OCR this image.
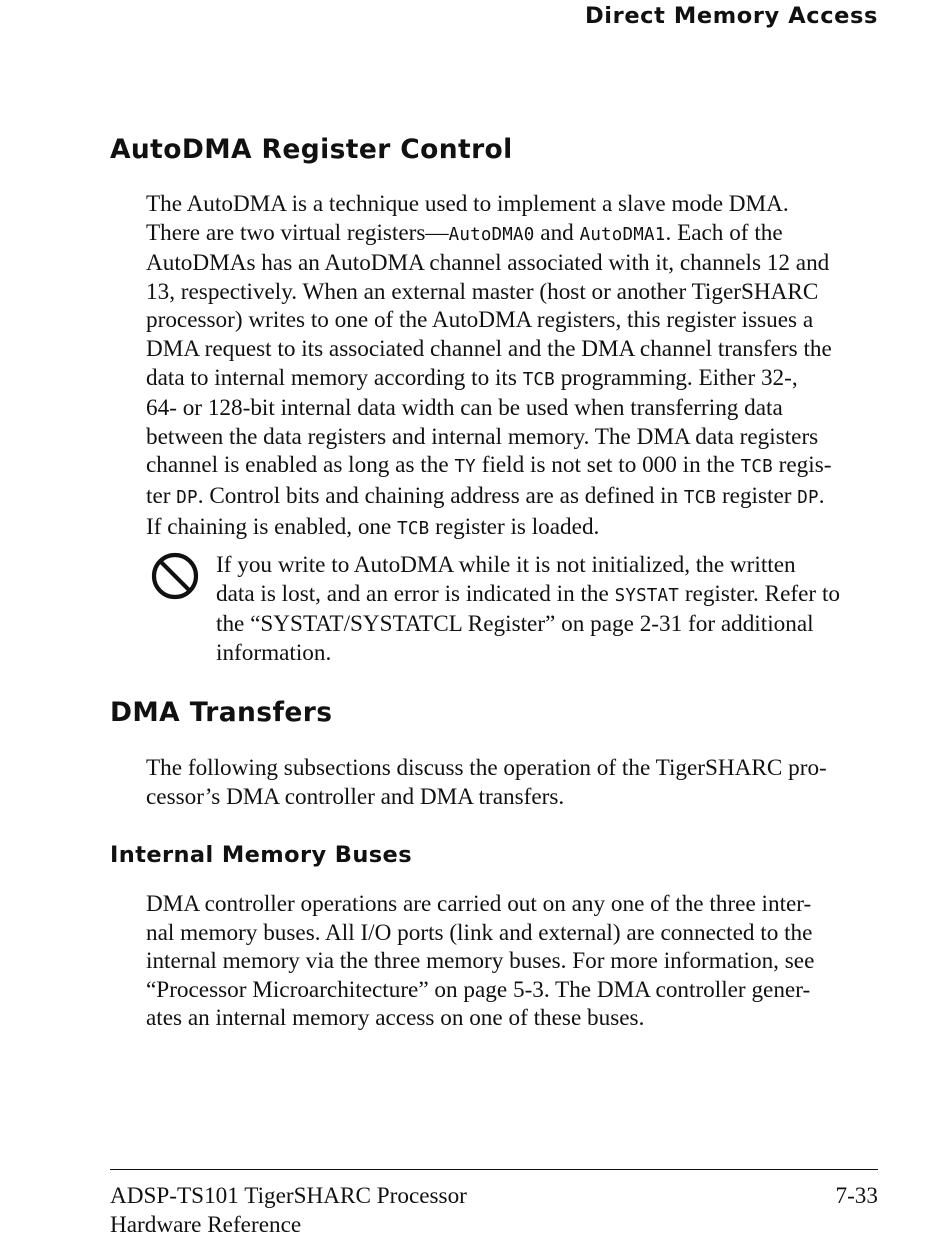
Direct Memory Access
AutoDMA Register Control
The AutoDMA is a technique used to implement a slave mode DMA.
There are two virtual registers—AutoDMA0 and AutoDMA1. Each of the
AutoDMAs has an AutoDMA channel associated with it, channels 12 and
13, respectively. When an external master (host or another TigerSHARC
processor) writes to one of the AutoDMA registers, this register issues a
DMA request to its associated channel and the DMA channel transfers the
data to internal memory according to its TCB programming. Either 32-,
64- or 128-bit internal data width can be used when transferring data
between the data registers and internal memory. The DMA data registers
channel is enabled as long as the TY field is not set to 000 in the TCB regis-
ter DP. Control bits and chaining address are as defined in TCB register DP.
If chaining is enabled, one TCB register is loaded.
If you write to AutoDMA while it is not initialized, the written
data is lost, and an error is indicated in the SYSTAT register. Refer to
the “SYSTAT/SYSTATCL Register” on page 2-31 for additional
information.
DMA Transfers
The following subsections discuss the operation of the TigerSHARC pro-
cessor’s DMA controller and DMA transfers.
Internal Memory Buses
DMA controller operations are carried out on any one of the three inter-
nal memory buses. All I/O ports (link and external) are connected to the
internal memory via the three memory buses. For more information, see
“Processor Microarchitecture” on page 5-3. The DMA controller gener-
ates an internal memory access on one of these buses.
ADSP-TS101 TigerSHARC Processor
Hardware Reference
7-33
